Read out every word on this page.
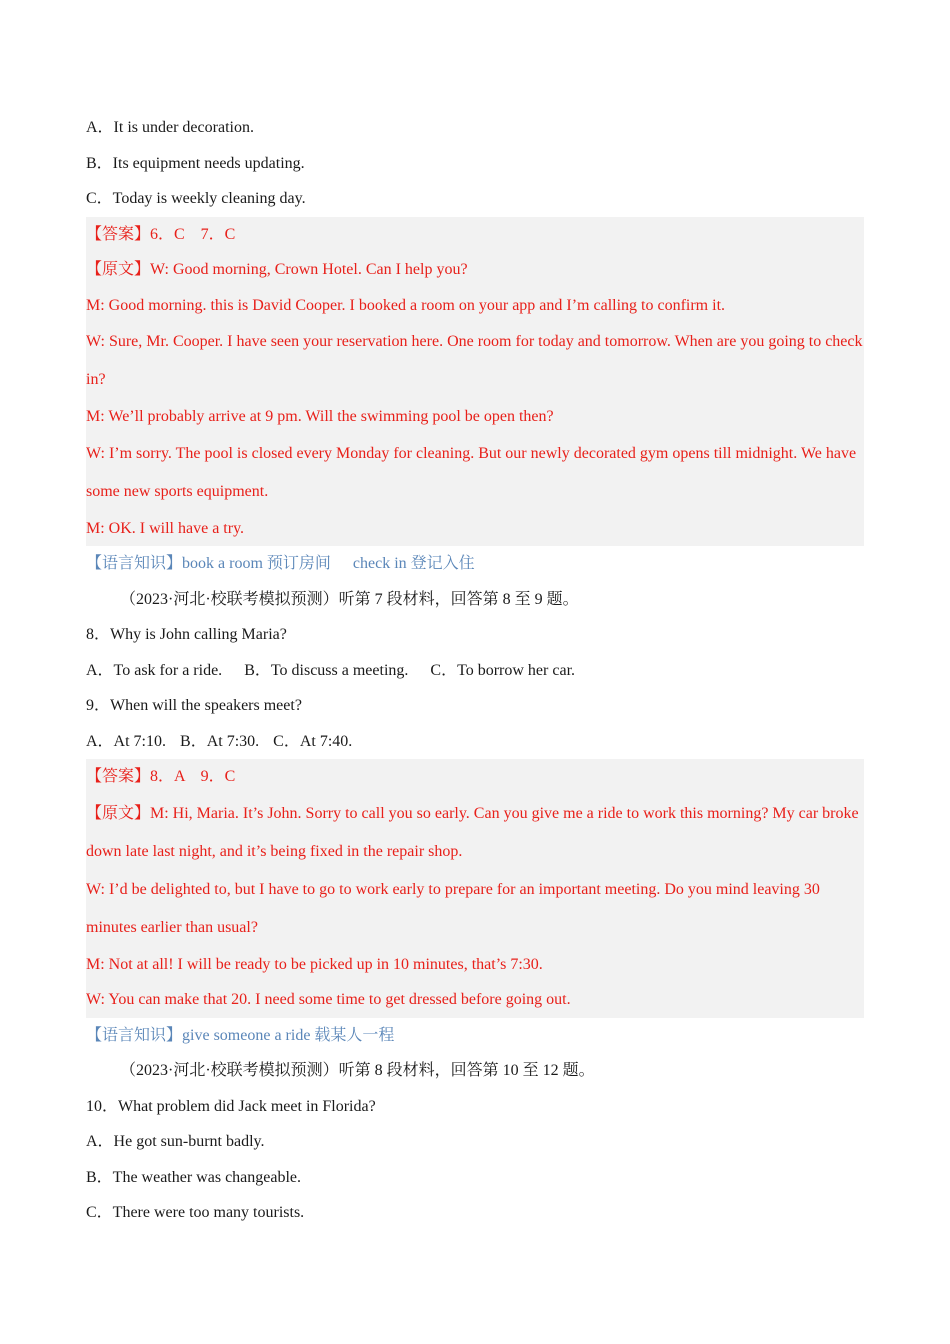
A．It is under decoration.

B．Its equipment needs updating.

C．Today is weekly cleaning day.

【答案】6．C　7．C

【原文】W: Good morning, Crown Hotel. Can I help you?

M: Good morning. this is David Cooper. I booked a room on your app and I’m calling to confirm it.

W: Sure, Mr. Cooper. I have seen your reservation here. One room for today and tomorrow. When are you going to check in?

M: We’ll probably arrive at 9 pm. Will the swimming pool be open then?

W: I’m sorry. The pool is closed every Monday for cleaning. But our newly decorated gym opens till midnight. We have some new sports equipment.

M: OK. I will have a try.

【语言知识】book a room 预订房间 check in 登记入住

（2023·河北·校联考模拟预测）听第 7 段材料，回答第 8 至 9 题。

8．Why is John calling Maria?

A．To ask for a ride. B．To discuss a meeting. C．To borrow her car.

9．When will the speakers meet?

A．At 7:10. B．At 7:30. C．At 7:40.

【答案】8．A　9．C

【原文】M: Hi, Maria. It’s John. Sorry to call you so early. Can you give me a ride to work this morning? My car broke down late last night, and it’s being fixed in the repair shop.

W: I’d be delighted to, but I have to go to work early to prepare for an important meeting. Do you mind leaving 30 minutes earlier than usual?

M: Not at all! I will be ready to be picked up in 10 minutes, that’s 7:30.

W: You can make that 20. I need some time to get dressed before going out.

【语言知识】give someone a ride 载某人一程

（2023·河北·校联考模拟预测）听第 8 段材料，回答第 10 至 12 题。

10．What problem did Jack meet in Florida?

A．He got sun-burnt badly.

B．The weather was changeable.

C．There were too many tourists.
